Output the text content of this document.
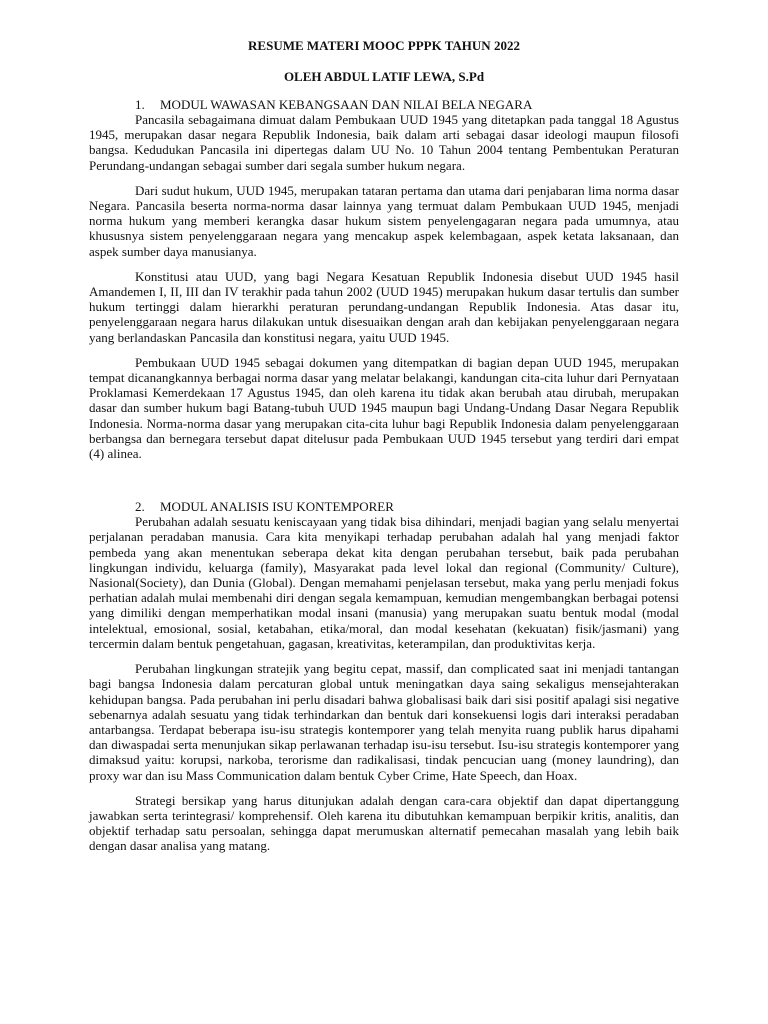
RESUME MATERI MOOC PPPK TAHUN 2022

OLEH ABDUL LATIF LEWA, S.Pd

1. MODUL WAWASAN KEBANGSAAN DAN NILAI BELA NEGARA

Pancasila sebagaimana dimuat dalam Pembukaan UUD 1945 yang ditetapkan pada tanggal 18 Agustus 1945, merupakan dasar negara Republik Indonesia, baik dalam arti sebagai dasar ideologi maupun filosofi bangsa. Kedudukan Pancasila ini dipertegas dalam UU No. 10 Tahun 2004 tentang Pembentukan Peraturan Perundang-undangan sebagai sumber dari segala sumber hukum negara.

Dari sudut hukum, UUD 1945, merupakan tataran pertama dan utama dari penjabaran lima norma dasar Negara. Pancasila beserta norma-norma dasar lainnya yang termuat dalam Pembukaan UUD 1945, menjadi norma hukum yang memberi kerangka dasar hukum sistem penyelengagaran negara pada umumnya, atau khususnya sistem penyelenggaraan negara yang mencakup aspek kelembagaan, aspek ketata laksanaan, dan aspek sumber daya manusianya.

Konstitusi atau UUD, yang bagi Negara Kesatuan Republik Indonesia disebut UUD 1945 hasil Amandemen I, II, III dan IV terakhir pada tahun 2002 (UUD 1945) merupakan hukum dasar tertulis dan sumber hukum tertinggi dalam hierarkhi peraturan perundang-undangan Republik Indonesia. Atas dasar itu, penyelenggaraan negara harus dilakukan untuk disesuaikan dengan arah dan kebijakan penyelenggaraan negara yang berlandaskan Pancasila dan konstitusi negara, yaitu UUD 1945.

Pembukaan UUD 1945 sebagai dokumen yang ditempatkan di bagian depan UUD 1945, merupakan tempat dicanangkannya berbagai norma dasar yang melatar belakangi, kandungan cita-cita luhur dari Pernyataan Proklamasi Kemerdekaan 17 Agustus 1945, dan oleh karena itu tidak akan berubah atau dirubah, merupakan dasar dan sumber hukum bagi Batang-tubuh UUD 1945 maupun bagi Undang-Undang Dasar Negara Republik Indonesia. Norma-norma dasar yang merupakan cita-cita luhur bagi Republik Indonesia dalam penyelenggaraan berbangsa dan bernegara tersebut dapat ditelusur pada Pembukaan UUD 1945 tersebut yang terdiri dari empat (4) alinea.

2. MODUL ANALISIS ISU KONTEMPORER

Perubahan adalah sesuatu keniscayaan yang tidak bisa dihindari, menjadi bagian yang selalu menyertai perjalanan peradaban manusia. Cara kita menyikapi terhadap perubahan adalah hal yang menjadi faktor pembeda yang akan menentukan seberapa dekat kita dengan perubahan tersebut, baik pada perubahan lingkungan individu, keluarga (family), Masyarakat pada level lokal dan regional (Community/ Culture), Nasional(Society), dan Dunia (Global). Dengan memahami penjelasan tersebut, maka yang perlu menjadi fokus perhatian adalah mulai membenahi diri dengan segala kemampuan, kemudian mengembangkan berbagai potensi yang dimiliki dengan memperhatikan modal insani (manusia) yang merupakan suatu bentuk modal (modal intelektual, emosional, sosial, ketabahan, etika/moral, dan modal kesehatan (kekuatan) fisik/jasmani) yang tercermin dalam bentuk pengetahuan, gagasan, kreativitas, keterampilan, dan produktivitas kerja.

Perubahan lingkungan stratejik yang begitu cepat, massif, dan complicated saat ini menjadi tantangan bagi bangsa Indonesia dalam percaturan global untuk meningatkan daya saing sekaligus mensejahterakan kehidupan bangsa. Pada perubahan ini perlu disadari bahwa globalisasi baik dari sisi positif apalagi sisi negative sebenarnya adalah sesuatu yang tidak terhindarkan dan bentuk dari konsekuensi logis dari interaksi peradaban antarbangsa. Terdapat beberapa isu-isu strategis kontemporer yang telah menyita ruang publik harus dipahami dan diwaspadai serta menunjukan sikap perlawanan terhadap isu-isu tersebut. Isu-isu strategis kontemporer yang dimaksud yaitu: korupsi, narkoba, terorisme dan radikalisasi, tindak pencucian uang (money laundring), dan proxy war dan isu Mass Communication dalam bentuk Cyber Crime, Hate Speech, dan Hoax.

Strategi bersikap yang harus ditunjukan adalah dengan cara-cara objektif dan dapat dipertanggung jawabkan serta terintegrasi/ komprehensif. Oleh karena itu dibutuhkan kemampuan berpikir kritis, analitis, dan objektif terhadap satu persoalan, sehingga dapat merumuskan alternatif pemecahan masalah yang lebih baik dengan dasar analisa yang matang.
